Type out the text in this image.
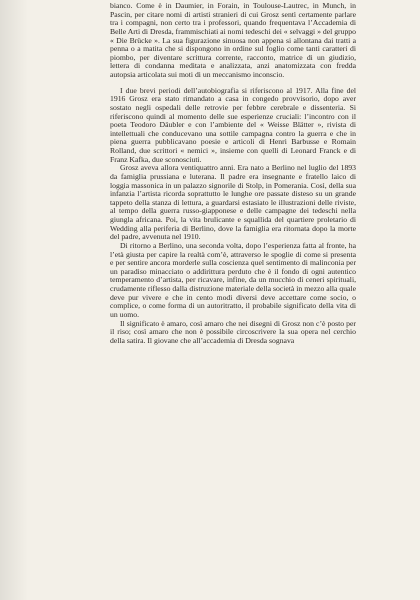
bianco. Come è in Daumier, in Forain, in Toulouse-Lautrec, in Munch, in Pascin, per citare nomi di artisti stranieri di cui Grosz sentì certamente parlare tra i compagni, non certo tra i professori, quando frequentava l’Accademia di Belle Arti di Dresda, frammischiati ai nomi tedeschi dei « selvaggi » del gruppo « Die Brücke ». La sua figurazione sinuosa non appena si allontana dai tratti a penna o a matita che si dispongono in ordine sul foglio come tanti caratteri di piombo, per diventare scrittura corrente, racconto, matrice di un giudizio, lettera di condanna meditata e analizzata, anzi anatomizzata con fredda autopsia articolata sui moti di un meccanismo inconscio.

I due brevi periodi dell’autobiografia si riferiscono al 1917. Alla fine del 1916 Grosz era stato rimandato a casa in congedo provvisorio, dopo aver sostato negli ospedali delle retrovie per febbre cerebrale e dissenteria. Si riferiscono quindi al momento delle sue esperienze cruciali: l’incontro con il poeta Teodoro Däubler e con l’ambiente del « Weisse Blätter », rivista di intellettuali che conducevano una sottile campagna contro la guerra e che in piena guerra pubblicavano poesie e articoli di Henri Barbusse e Romain Rolland, due scrittori « nemici », insieme con quelli di Leonard Franck e di Franz Kafka, due sconosciuti.

Grosz aveva allora ventiquattro anni. Era nato a Berlino nel luglio del 1893 da famiglia prussiana e luterana. Il padre era insegnante e fratello laico di loggia massonica in un palazzo signorile di Stolp, in Pomerania. Così, della sua infanzia l’artista ricorda soprattutto le lunghe ore passate disteso su un grande tappeto della stanza di lettura, a guardarsi estasiato le illustrazioni delle riviste, al tempo della guerra russo-giapponese e delle campagne dei tedeschi nella giungla africana. Poi, la vita brulicante e squallida del quartiere proletario di Wedding alla periferia di Berlino, dove la famiglia era ritornata dopo la morte del padre, avvenuta nel 1910.

Di ritorno a Berlino, una seconda volta, dopo l’esperienza fatta al fronte, ha l’età giusta per capire la realtà com’è, attraverso le spoglie di come si presenta e per sentire ancora morderle sulla coscienza quel sentimento di malinconia per un paradiso minacciato o addirittura perduto che è il fondo di ogni autentico temperamento d’artista, per ricavare, infine, da un mucchio di ceneri spirituali, crudamente riflesso dalla distruzione materiale della società in mezzo alla quale deve pur vivere e che in cento modi diversi deve accettare come socio, o complice, o come forma di un autoritratto, il probabile significato della vita di un uomo.

Il significato è amaro, così amaro che nei disegni di Grosz non c’è posto per il riso; così amaro che non è possibile circoscrivere la sua opera nel cerchio della satira. Il giovane che all’accademia di Dresda sognava
